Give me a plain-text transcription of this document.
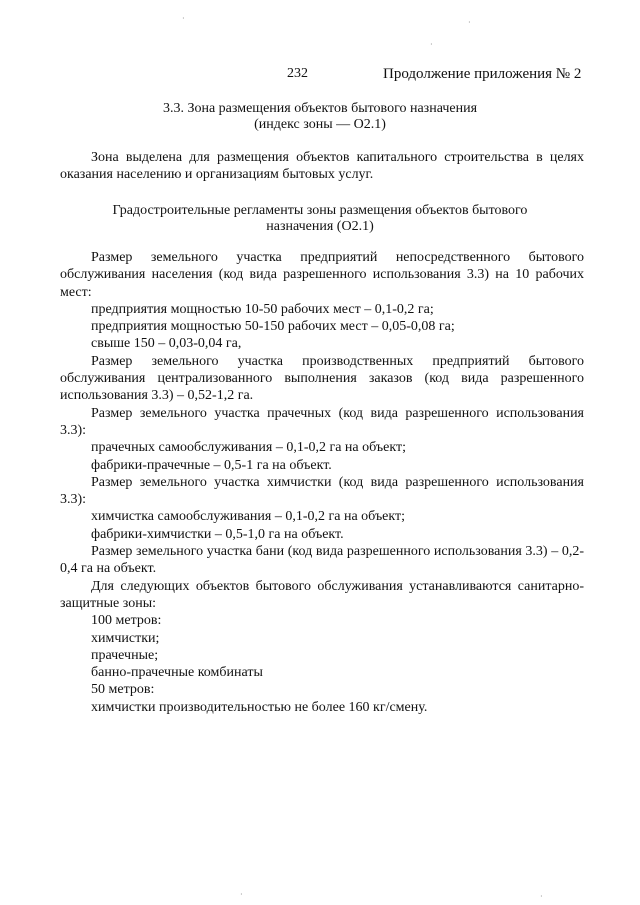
232	Продолжение приложения № 2
3.3. Зона размещения объектов бытового назначения
(индекс зоны — О2.1)

Зона выделена для размещения объектов капитального строительства в целях оказания населению и организациям бытовых услуг.

Градостроительные регламенты зоны размещения объектов бытового
назначения (О2.1)

Размер земельного участка предприятий непосредственного бытового обслуживания населения (код вида разрешенного использования 3.3) на 10 рабочих мест:

предприятия мощностью 10-50 рабочих мест – 0,1-0,2 га;

предприятия мощностью 50-150 рабочих мест – 0,05-0,08 га;

свыше 150 – 0,03-0,04 га,

Размер земельного участка производственных предприятий бытового обслуживания централизованного выполнения заказов (код вида разрешенного использования 3.3) – 0,52-1,2 га.

Размер земельного участка прачечных (код вида разрешенного использования 3.3):

прачечных самообслуживания – 0,1-0,2 га на объект;

фабрики-прачечные – 0,5-1 га на объект.

Размер земельного участка химчистки (код вида разрешенного использования 3.3):

химчистка самообслуживания – 0,1-0,2 га на объект;

фабрики-химчистки – 0,5-1,0 га на объект.

Размер земельного участка бани (код вида разрешенного использования 3.3) – 0,2-0,4 га на объект.

Для следующих объектов бытового обслуживания устанавливаются санитарно-защитные зоны:

100 метров:

химчистки;

прачечные;

банно-прачечные комбинаты

50 метров:

химчистки производительностью не более 160 кг/смену.

·	·
·	·
·
